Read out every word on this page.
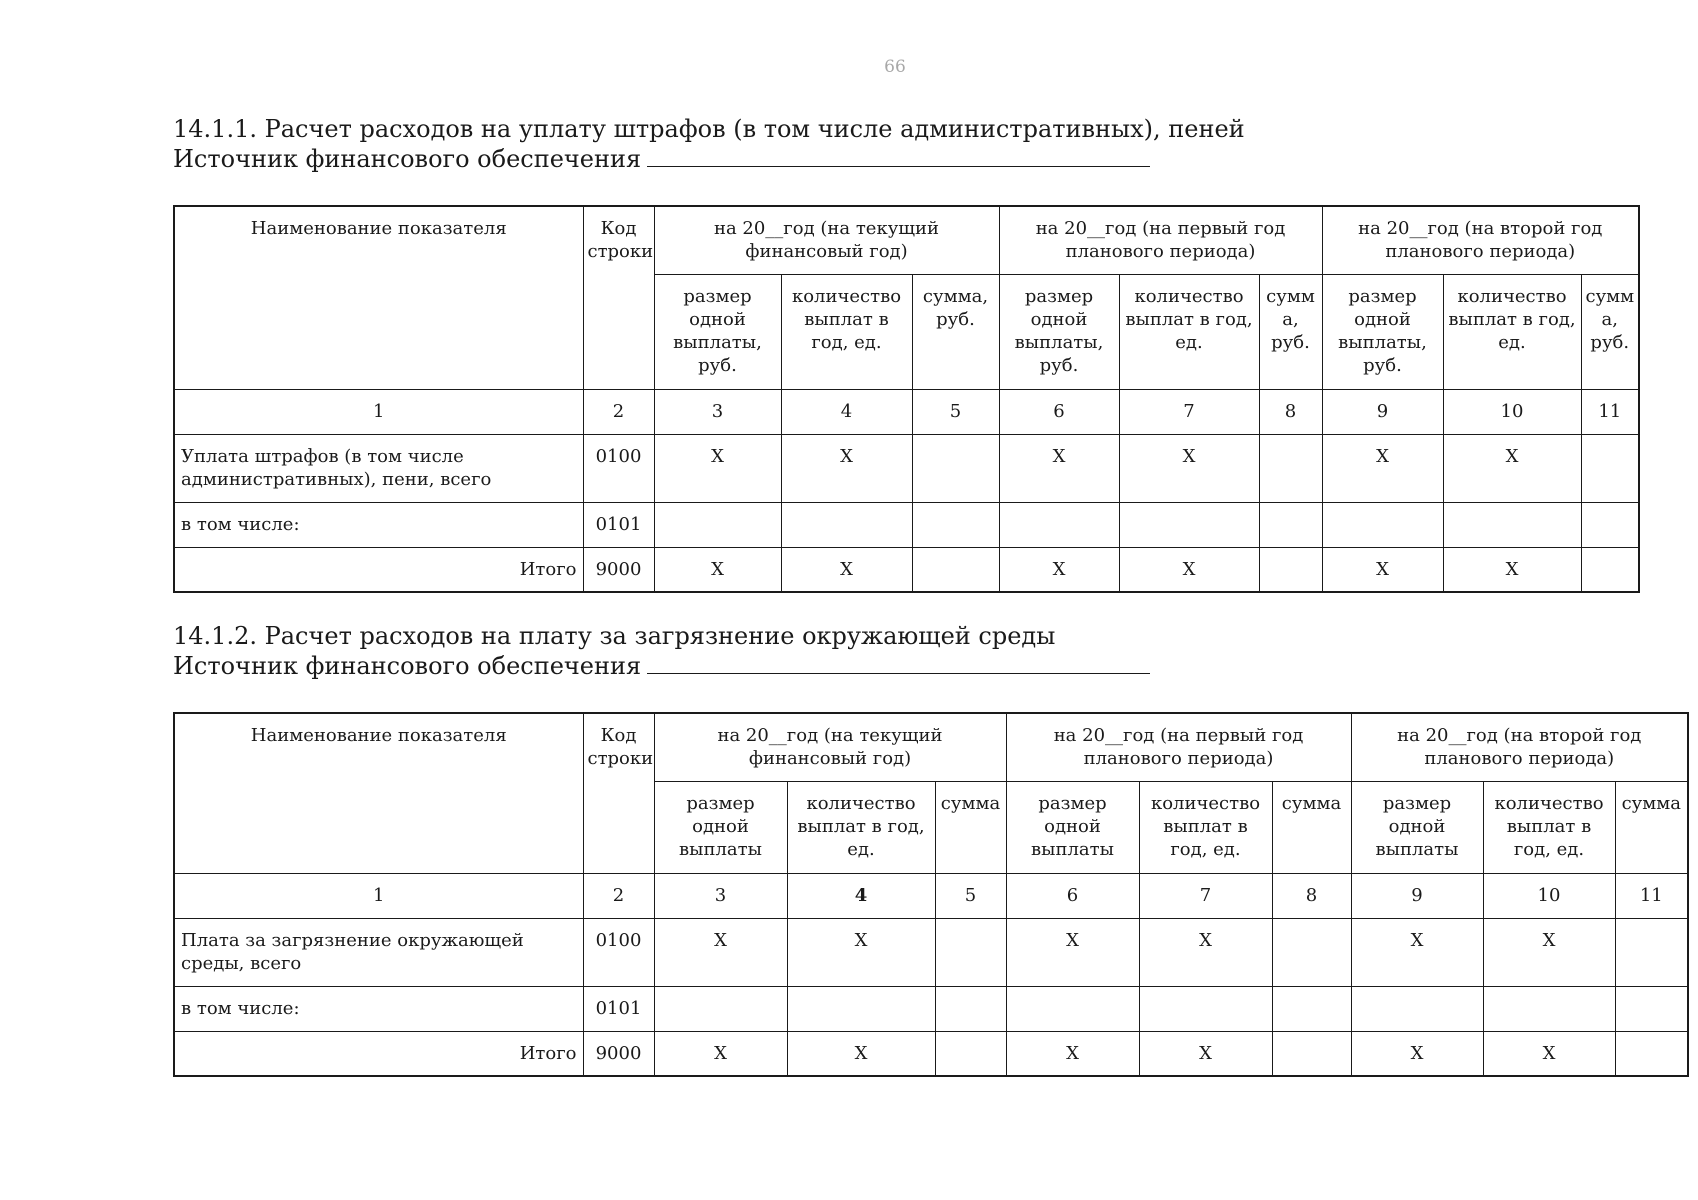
66
14.1.1. Расчет расходов на уплату штрафов (в том числе административных), пеней
Источник финансового обеспечения
Наименование показателя	Код строки	на 20__год (на текущий финансовый год)			на 20__год (на первый год планового периода)			на 20__год (на второй год планового периода)		
		размер одной выплаты, руб.	количество выплат в год, ед.	сумма, руб.	размер одной выплаты, руб.	количество выплат в год, ед.	сумм а, руб.	размер одной выплаты, руб.	количество выплат в год, ед.	сумм а, руб.
1	2	3	4	5	6	7	8	9	10	11
Уплата штрафов (в том числе административных), пени, всего	0100	X	X		X	X		X	X	
в том числе:	0101									
Итого	9000	X	X		X	X		X	X	
14.1.2. Расчет расходов на плату за загрязнение окружающей среды
Источник финансового обеспечения
Наименование показателя	Код строки	на 20__год (на текущий финансовый год)			на 20__год (на первый год планового периода)			на 20__год (на второй год планового периода)		
		размер одной выплаты	количество выплат в год, ед.	сумма	размер одной выплаты	количество выплат в год, ед.	сумма	размер одной выплаты	количество выплат в год, ед.	сумма
1	2	3	4	5	6	7	8	9	10	11
Плата за загрязнение окружающей среды, всего	0100	X	X		X	X		X	X	
в том числе:	0101									
Итого	9000	X	X		X	X		X	X	
